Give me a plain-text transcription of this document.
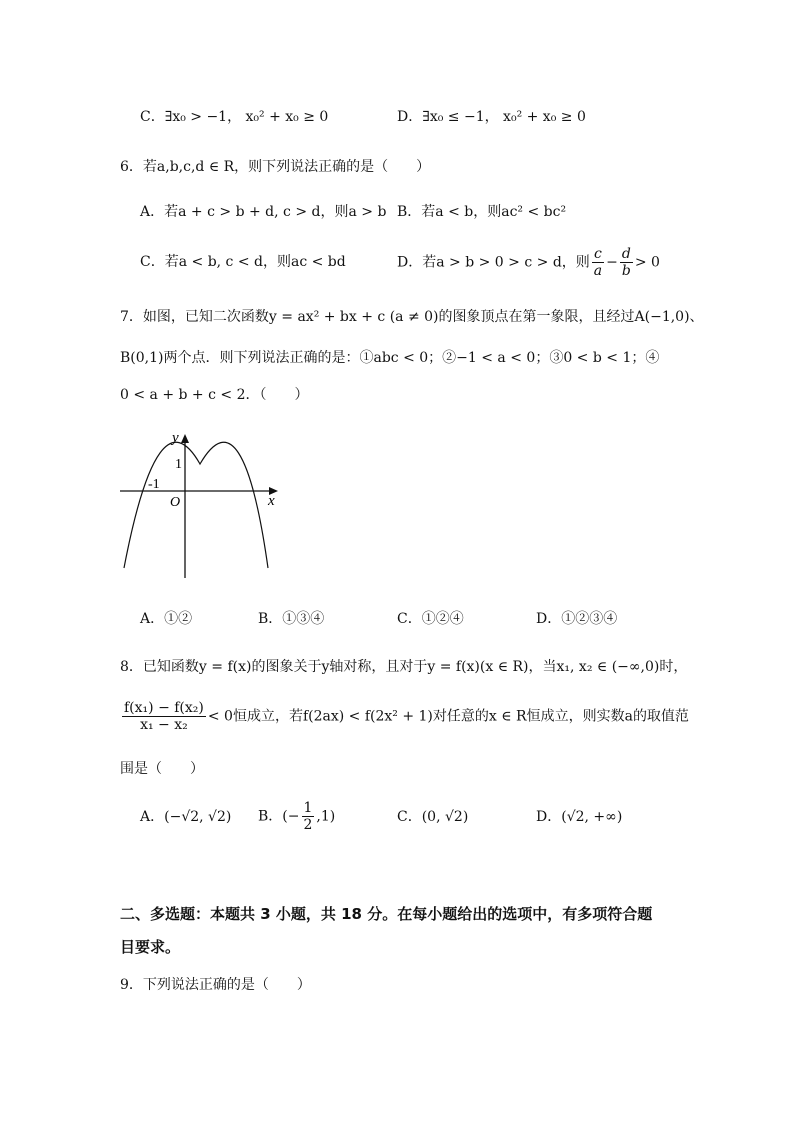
C．∃x₀ > −1， x₀² + x₀ ≥ 0	D．∃x₀ ≤ −1， x₀² + x₀ ≥ 0
6．若a,b,c,d ∈ R，则下列说法正确的是（　　）
A．若a + c > b + d, c > d，则a > b B．若a < b，则ac² < bc²
C．若a < b, c < d，则ac < bd	D．若a > b > 0 > c > d，则 $\frac{c}{a} - \frac{d}{b} > 0$
7．如图，已知二次函数y = ax² + bx + c (a ≠ 0)的图象顶点在第一象限，且经过A(−1,0)、
B(0,1)两个点．则下列说法正确的是：①abc < 0；②−1 < a < 0；③0 < b < 1；④
0 < a + b + c < 2．（　　）
y
x
O
1
-1
A．①②	B．①③④	C．①②④	D．①②③④
8．已知函数y = f(x)的图象关于y轴对称，且对于y = f(x)(x ∈ R)，当x₁, x₂ ∈ (−∞,0)时，
$\frac{\text{f(x₁) − f(x₂)}}{\text{x₁ − x₂}} < 0$恒成立，若f(2ax) < f(2x² + 1)对任意的x ∈ R恒成立，则实数a的取值范
围是（　　）
A．(−√2, √2) B．(− $\frac{1}{2} ,1$)	C．(0, √2)	D．(√2, +∞)
二、多选题：本题共 3 小题，共 18 分。在每小题给出的选项中，有多项符合题
目要求。
9．下列说法正确的是（　　）
